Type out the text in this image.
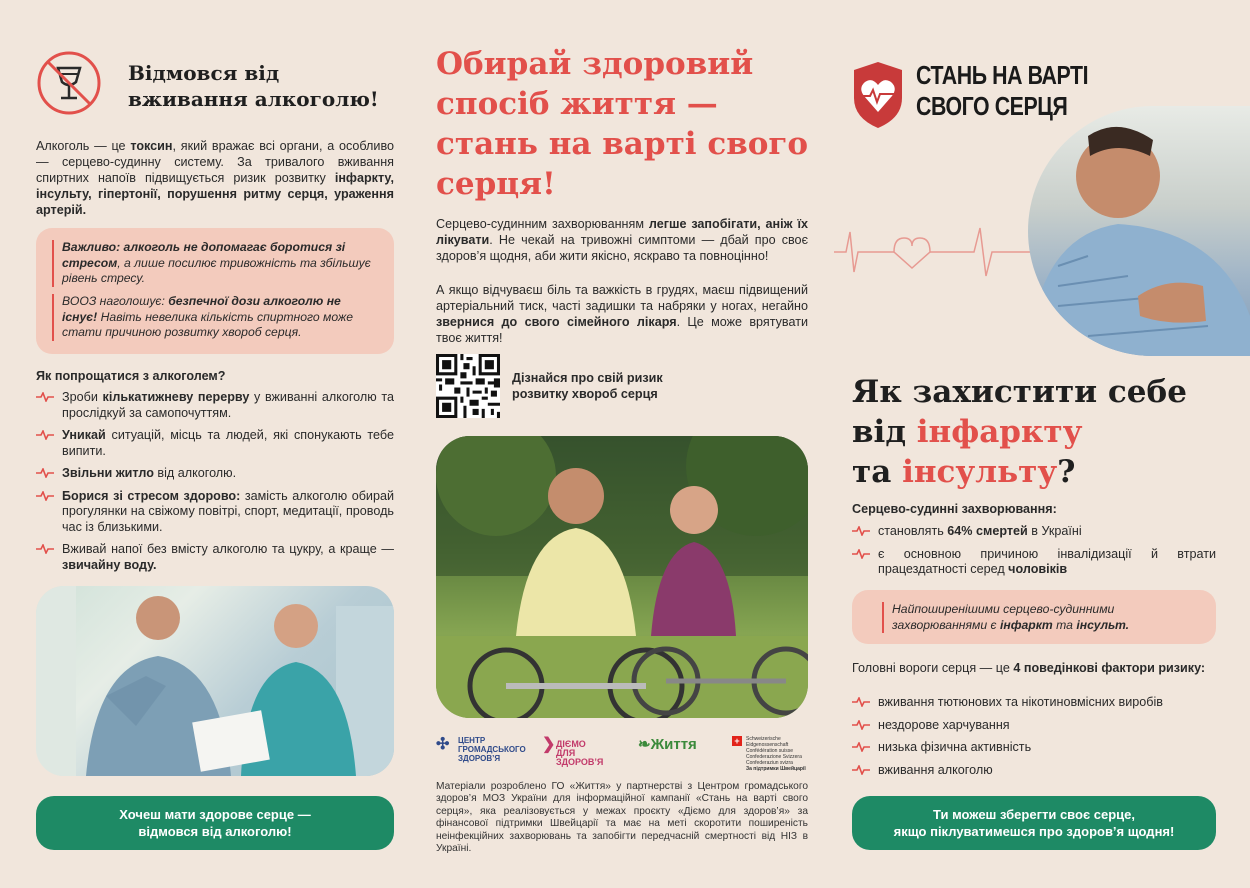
Відмовся від
вживання алкоголю!

Алкоголь — це токсин, який вражає всі органи, а особливо — серцево-судинну систему. За тривалого вживання спиртних напоїв підвищується ризик розвитку інфаркту, інсульту, гіпертонії, порушення ритму серця, ураження артерій.

Важливо: алкоголь не допомагає боротися зі стресом, а лише посилює тривожність та збільшує рівень стресу.

ВООЗ наголошує: безпечної дози алкоголю не існує! Навіть невелика кількість спиртного може стати причиною розвитку хвороб серця.

Як попрощатися з алкоголем?
Зроби кількатижневу перерву у вживанні алкоголю та прослідкуй за самопочуттям.
Уникай ситуацій, місць та людей, які спонукають тебе випити.
Звільни житло від алкоголю.
Борися зі стресом здорово: замість алкоголю обирай прогулянки на свіжому повітрі, спорт, медитації, проводь час із близькими.
Вживай напої без вмісту алкоголю та цукру, а краще — звичайну воду.
Хочеш мати здорове серце —
відмовся від алкоголю!
Обирай здоровий спосіб життя — стань на варті свого серця!

Серцево-судинним захворюванням легше запобігати, аніж їх лікувати. Не чекай на тривожні симптоми — дбай про своє здоров’я щодня, аби жити якісно, яскраво та повноцінно!

А якщо відчуваєш біль та важкість в грудях, маєш підвищений артеріальний тиск, часті задишки та набряки у ногах, негайно звернися до свого сімейного лікаря. Це може врятувати твоє життя!

Дізнайся про свій ризик
розвитку хвороб серця
✣ ЦЕНТР
ГРОМАДСЬКОГО
ЗДОРОВ’Я
❯ ДІЄМО ДЛЯ
ЗДОРОВ’Я
❧Життя	+	Schweizerische Eidgenossenschaft
Confédération suisse
Confederazione Svizzera
Confederaziun svizra
За підтримки Швейцарії

Матеріали розроблено ГО «Життя» у партнерстві з Центром громадського здоров’я МОЗ України для інформаційної кампанії «Стань на варті свого серця», яка реалізовується у межах проєкту «Діємо для здоров’я» за фінансової підтримки Швейцарії та має на меті скоротити поширеність неінфекційних захворювань та запобігти передчасній смертності від НІЗ в Україні.

СТАНЬ НА ВАРТІ
СВОГО СЕРЦЯ
Як захистити себе
від інфаркту
та інсульту?
Серцево-судинні захворювання:
становлять 64% смертей в Україні
є основною причиною інвалідизації й втрати працездатності серед чоловіків

Найпоширенішими серцево-судинними захворюваннями є інфаркт та інсульт.

Головні вороги серця — це 4 поведінкові фактори ризику:

вживання тютюнових та нікотиновмісних виробів
нездорове харчування
низька фізична активність
вживання алкоголю
Ти можеш зберегти своє серце,
якщо піклуватимешся про здоров’я щодня!
